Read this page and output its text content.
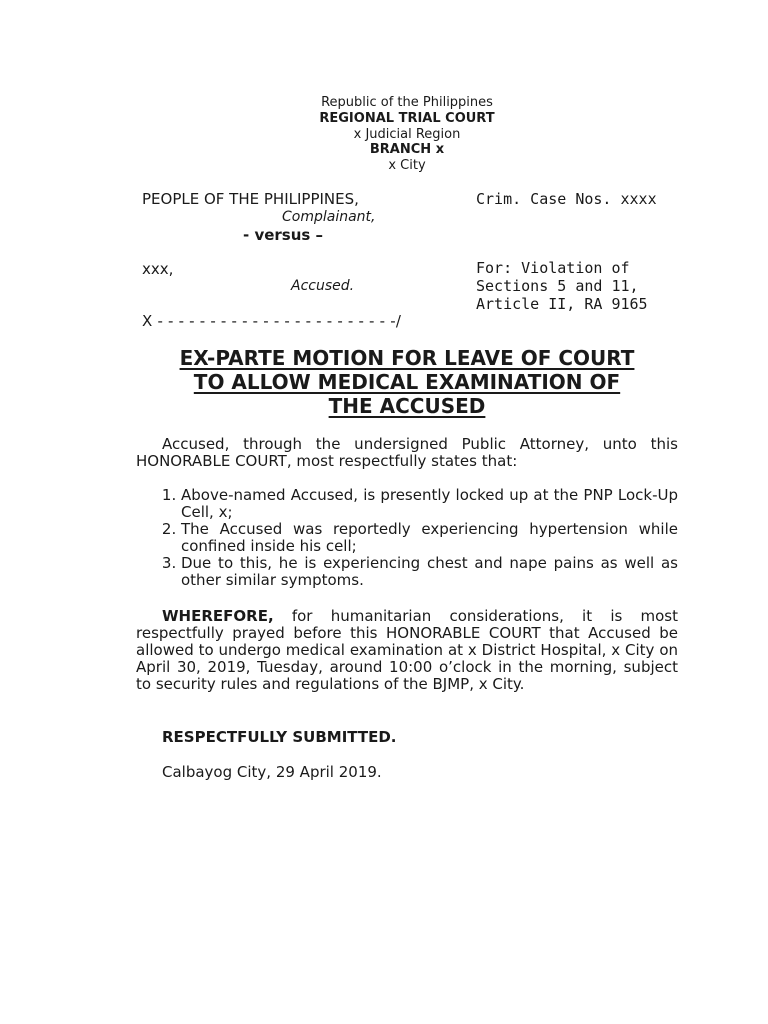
Republic of the Philippines
REGIONAL TRIAL COURT
x Judicial Region
BRANCH x
x City
PEOPLE OF THE PHILIPPINES,
Complainant,
- versus –
xxx,
Accused.
X - - - - - - - - - - - - - - - - - - - - - - -/
Crim. Case Nos. xxxx
For: Violation of
Sections 5 and 11,
Article II, RA 9165
EX-PARTE MOTION FOR LEAVE OF COURT
TO ALLOW MEDICAL EXAMINATION OF
THE ACCUSED
Accused, through the undersigned Public Attorney, unto this HONORABLE COURT, most respectfully states that:
1. Above-named Accused, is presently locked up at the PNP Lock-Up Cell, x;
2. The Accused was reportedly experiencing hypertension while confined inside his cell;
3. Due to this, he is experiencing chest and nape pains as well as other similar symptoms.
WHEREFORE, for humanitarian considerations, it is most respectfully prayed before this HONORABLE COURT that Accused be allowed to undergo medical examination at x District Hospital, x City on April 30, 2019, Tuesday, around 10:00 o’clock in the morning, subject to security rules and regulations of the BJMP, x City.
RESPECTFULLY SUBMITTED.
Calbayog City, 29 April 2019.
